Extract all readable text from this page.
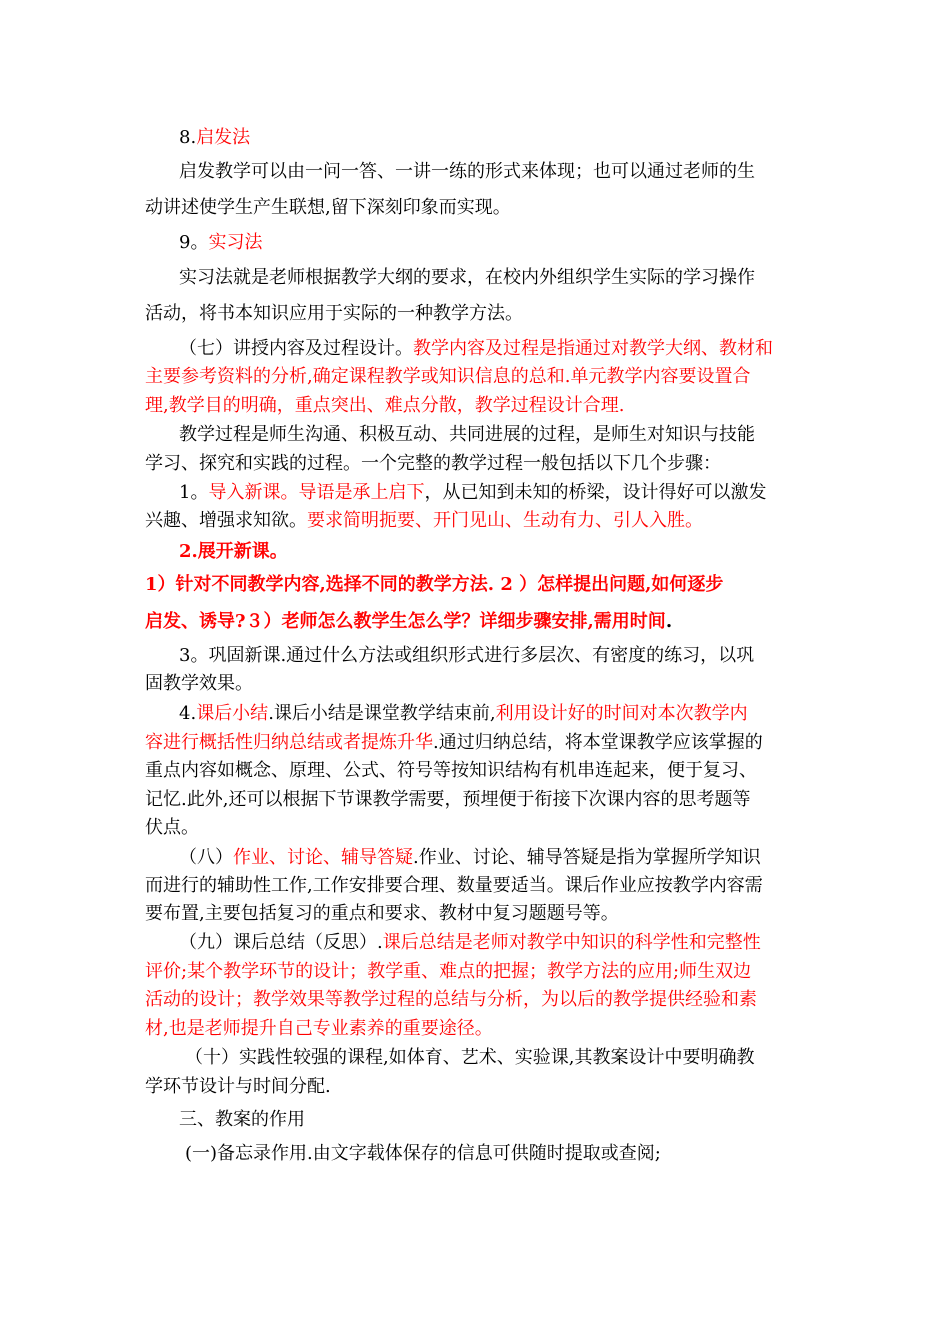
8.启发法
启发教学可以由一问一答、一讲一练的形式来体现；也可以通过老师的生
动讲述使学生产生联想,留下深刻印象而实现。
9。实习法
实习法就是老师根据教学大纲的要求，在校内外组织学生实际的学习操作
活动，将书本知识应用于实际的一种教学方法。
（七）讲授内容及过程设计。教学内容及过程是指通过对教学大纲、教材和
主要参考资料的分析,确定课程教学或知识信息的总和.单元教学内容要设置合
理,教学目的明确，重点突出、难点分散，教学过程设计合理.
教学过程是师生沟通、积极互动、共同进展的过程，是师生对知识与技能
学习、探究和实践的过程。一个完整的教学过程一般包括以下几个步骤：
1。导入新课。导语是承上启下，从已知到未知的桥梁，设计得好可以激发
兴趣、增强求知欲。要求简明扼要、开门见山、生动有力、引人入胜。
2.展开新课。
1）针对不同教学内容,选择不同的教学方法. 2 ）怎样提出问题,如何逐步
启发、诱导?３）老师怎么教学生怎么学？详细步骤安排,需用时间.
3。巩固新课.通过什么方法或组织形式进行多层次、有密度的练习，以巩
固教学效果。
4.课后小结.课后小结是课堂教学结束前,利用设计好的时间对本次教学内
容进行概括性归纳总结或者提炼升华.通过归纳总结，将本堂课教学应该掌握的
重点内容如概念、原理、公式、符号等按知识结构有机串连起来，便于复习、
记忆.此外,还可以根据下节课教学需要，预埋便于衔接下次课内容的思考题等
伏点。
（八）作业、讨论、辅导答疑.作业、讨论、辅导答疑是指为掌握所学知识
而进行的辅助性工作,工作安排要合理、数量要适当。课后作业应按教学内容需
要布置,主要包括复习的重点和要求、教材中复习题题号等。
（九）课后总结（反思）.课后总结是老师对教学中知识的科学性和完整性
评价;某个教学环节的设计；教学重、难点的把握；教学方法的应用;师生双边
活动的设计；教学效果等教学过程的总结与分析，为以后的教学提供经验和素
材,也是老师提升自己专业素养的重要途径。
（十）实践性较强的课程,如体育、艺术、实验课,其教案设计中要明确教
学环节设计与时间分配.
三、教案的作用
(一)备忘录作用.由文字载体保存的信息可供随时提取或查阅;
